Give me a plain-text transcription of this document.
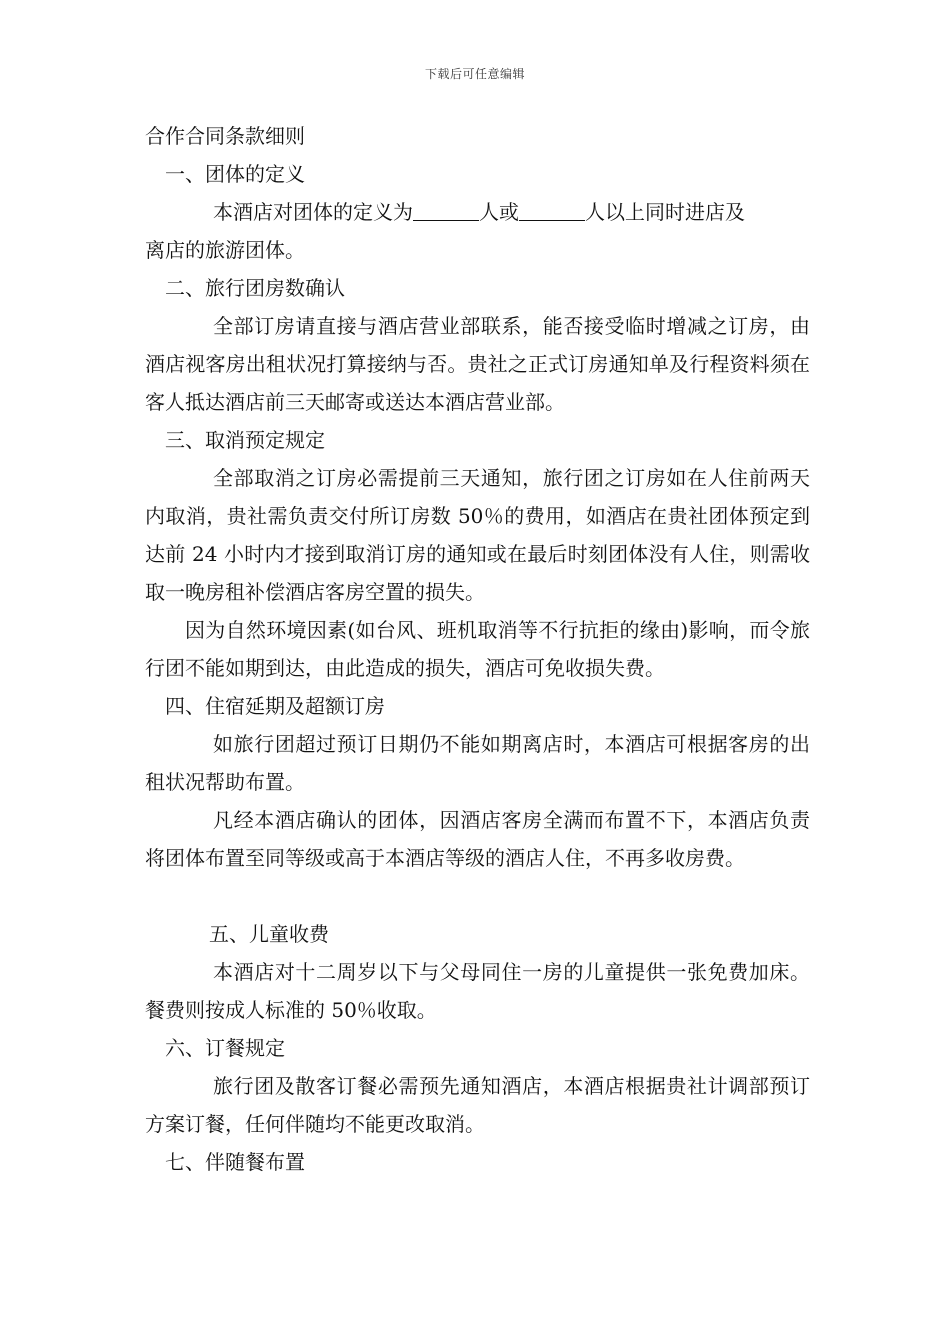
下载后可任意编辑

合作合同条款细则

一、团体的定义

本酒店对团体的定义为	人或	人以上同时进店及

离店的旅游团体。

二、旅行团房数确认

全部订房请直接与酒店营业部联系，能否接受临时增减之订房，由酒店视客房出租状况打算接纳与否。贵社之正式订房通知单及行程资料须在客人抵达酒店前三天邮寄或送达本酒店营业部。

三、取消预定规定

全部取消之订房必需提前三天通知，旅行团之订房如在人住前两天内取消，贵社需负责交付所订房数 50％的费用，如酒店在贵社团体预定到达前 24 小时内才接到取消订房的通知或在最后时刻团体没有人住，则需收取一晚房租补偿酒店客房空置的损失。

因为自然环境因素(如台风、班机取消等不行抗拒的缘由)影响，而令旅行团不能如期到达，由此造成的损失，酒店可免收损失费。

四、住宿延期及超额订房

如旅行团超过预订日期仍不能如期离店时，本酒店可根据客房的出租状况帮助布置。

凡经本酒店确认的团体，因酒店客房全满而布置不下，本酒店负责将团体布置至同等级或高于本酒店等级的酒店人住，不再多收房费。

五、儿童收费

本酒店对十二周岁以下与父母同住一房的儿童提供一张免费加床。餐费则按成人标准的 50％收取。

六、订餐规定

旅行团及散客订餐必需预先通知酒店，本酒店根据贵社计调部预订方案订餐，任何伴随均不能更改取消。

七、伴随餐布置
